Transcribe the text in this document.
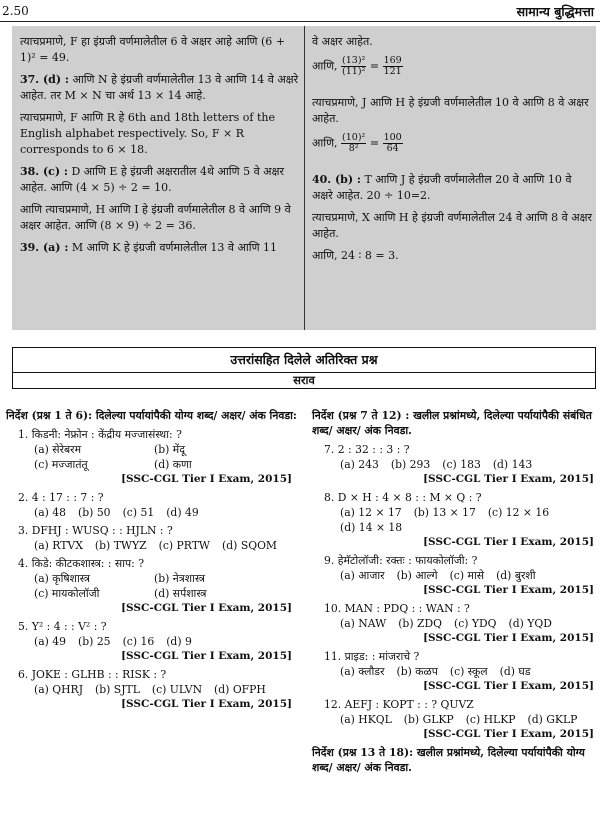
2.50	सामान्य बुद्धिमत्ता
त्याचप्रमाणे, F हा इंग्रजी वर्णमालेतील 6 वे अक्षर आहे आणि (6 + 1)² = 49.
37. (d) : आणि N हे इंग्रजी वर्णमालेतील 13 वे आणि 14 वे अक्षरे आहेत. तर M × N चा अर्थ 13 × 14 आहे.
त्याचप्रमाणे, F आणि R हे 6th and 18th letters of the English alphabet respectively. So, F × R corresponds to 6 × 18.
38. (c) : D आणि E हे इंग्रजी अक्षरातील 4थे आणि 5 वे अक्षर आहेत. आणि (4 × 5) ÷ 2 = 10.
आणि त्याचप्रमाणे, H आणि I हे इंग्रजी वर्णमालेतील 8 वे आणि 9 वे अक्षर आहेत. आणि (8 × 9) ÷ 2 = 36.
39. (a) : M आणि K हे इंग्रजी वर्णमालेतील 13 वे आणि 11
वे अक्षर आहेत.
आणि, $\frac{\text{(13)²}}{\text{(11)²}} = \frac{169}{121}$
त्याचप्रमाणे, J आणि H हे इंग्रजी वर्णमालेतील 10 वे आणि 8 वे अक्षर आहेत.
आणि, $\frac{\text{(10)²}}{\text{8²}} = \frac{100}{64}$
40. (b) : T आणि J हे इंग्रजी वर्णमालेतील 20 वे आणि 10 वे अक्षरे आहेत. 20 ÷ 10=2.
त्याचप्रमाणे, X आणि H हे इंग्रजी वर्णमालेतील 24 वे आणि 8 वे अक्षर आहेत.
आणि, 24 ∶ 8 = 3.
उत्तरांसहित दिलेले अतिरिक्त प्रश्न
सराव
निर्देश (प्रश्न 1 ते 6): दिलेल्या पर्यायांपैकी योग्य शब्द/ अक्षर/ अंक निवडा:
1. किडनी: नेफ्रोन : केंद्रीय मज्जासंस्था: ?
(a) सेरेबरम	(b) मेंदू
(c) मज्जातंतू	(d) कणा
[SSC-CGL Tier I Exam, 2015]
2. 4 : 17 : : 7 : ?
(a) 48 (b) 50 (c) 51 (d) 49
3. DFHJ : WUSQ : : HJLN : ?
(a) RTVX (b) TWYZ (c) PRTW (d) SQOM
4. किडे: कीटकशास्त्र: : साप: ?
(a) कृषिशास्त्र	(b) नेत्रशास्त्र
(c) मायकोलॉजी	(d) सर्पशास्त्र
[SSC-CGL Tier I Exam, 2015]
5. Y² : 4 : : V² : ?
(a) 49 (b) 25 (c) 16 (d) 9
[SSC-CGL Tier I Exam, 2015]
6. JOKE : GLHB : : RISK : ?
(a) QHRJ (b) SJTL (c) ULVN (d) OFPH
[SSC-CGL Tier I Exam, 2015]
निर्देश (प्रश्न 7 ते 12) : खलील प्रश्नांमध्ये, दिलेल्या पर्यायांपैकी संबंधित शब्द/ अक्षर/ अंक निवडा.
7. 2 : 32 : : 3 : ?
(a) 243 (b) 293 (c) 183 (d) 143
[SSC-CGL Tier I Exam, 2015]
8. D × H : 4 × 8 : : M × Q : ?
(a) 12 × 17 (b) 13 × 17 (c) 12 × 16
(d) 14 × 18
[SSC-CGL Tier I Exam, 2015]
9. हेमॅटोलॉजी: रक्तः : फायकोलॉजी: ?
(a) आजार (b) आल्गे (c) मासे (d) बुरशी
[SSC-CGL Tier I Exam, 2015]
10. MAN : PDQ : : WAN : ?
(a) NAW (b) ZDQ (c) YDQ (d) YQD
[SSC-CGL Tier I Exam, 2015]
11. प्राइड: : मांजराचे ?
(a) क्लौडर (b) कळप (c) स्कूल (d) घड
[SSC-CGL Tier I Exam, 2015]
12. AEFJ : KOPT : : ? QUVZ
(a) HKQL (b) GLKP (c) HLKP (d) GKLP
[SSC-CGL Tier I Exam, 2015]
निर्देश (प्रश्न 13 ते 18): खलील प्रश्नांमध्ये, दिलेल्या पर्यायांपैकी योग्य शब्द/ अक्षर/ अंक निवडा.
